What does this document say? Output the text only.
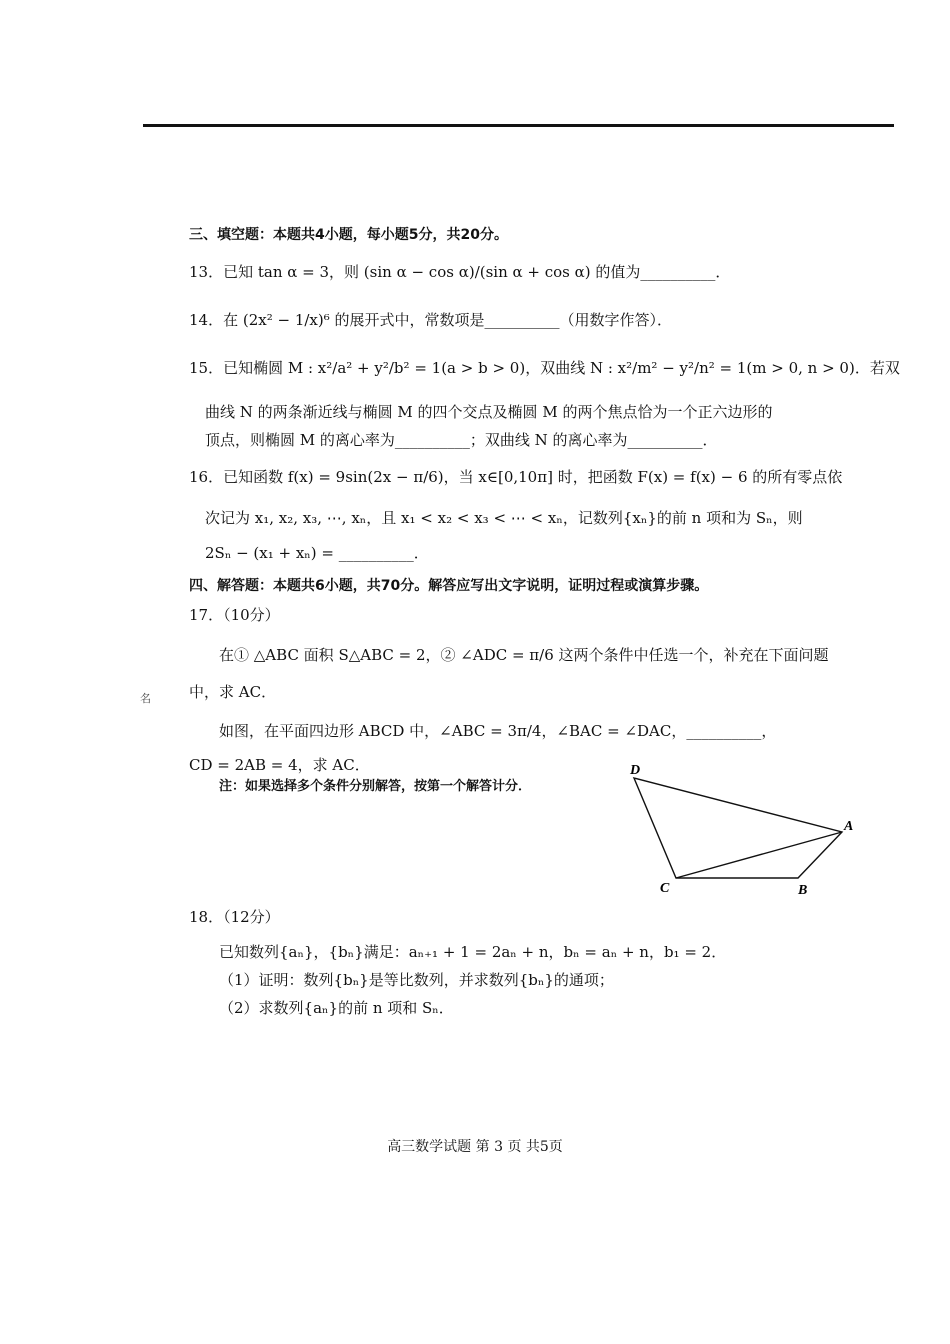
三、填空题：本题共4小题，每小题5分，共20分。
13．已知 tan α = 3，则 (sin α − cos α)/(sin α + cos α) 的值为__________．
14．在 (2x² − 1/x)⁶ 的展开式中，常数项是__________（用数字作答）．
15．已知椭圆 M : x²/a² + y²/b² = 1(a > b > 0)，双曲线 N : x²/m² − y²/n² = 1(m > 0, n > 0)．若双
曲线 N 的两条渐近线与椭圆 M 的四个交点及椭圆 M 的两个焦点恰为一个正六边形的
顶点，则椭圆 M 的离心率为__________；双曲线 N 的离心率为__________．
16．已知函数 f(x) = 9sin(2x − π/6)，当 x∈[0,10π] 时，把函数 F(x) = f(x) − 6 的所有零点依
次记为 x₁, x₂, x₃, ⋯, xₙ，且 x₁ < x₂ < x₃ < ⋯ < xₙ，记数列{xₙ}的前 n 项和为 Sₙ，则
2Sₙ − (x₁ + xₙ) = __________．
四、解答题：本题共6小题，共70分。解答应写出文字说明，证明过程或演算步骤。
17．（10分）
在① △ABC 面积 S△ABC = 2，② ∠ADC = π/6 这两个条件中任选一个，补充在下面问题
中，求 AC．
如图，在平面四边形 ABCD 中，∠ABC = 3π/4，∠BAC = ∠DAC，__________，
CD = 2AB = 4，求 AC．
注：如果选择多个条件分别解答，按第一个解答计分．
名
D
A
C	B
18．（12分）
已知数列{aₙ}，{bₙ}满足：aₙ₊₁ + 1 = 2aₙ + n，bₙ = aₙ + n，b₁ = 2．
（1）证明：数列{bₙ}是等比数列，并求数列{bₙ}的通项；
（2）求数列{aₙ}的前 n 项和 Sₙ．
高三数学试题 第 3 页 共5页
